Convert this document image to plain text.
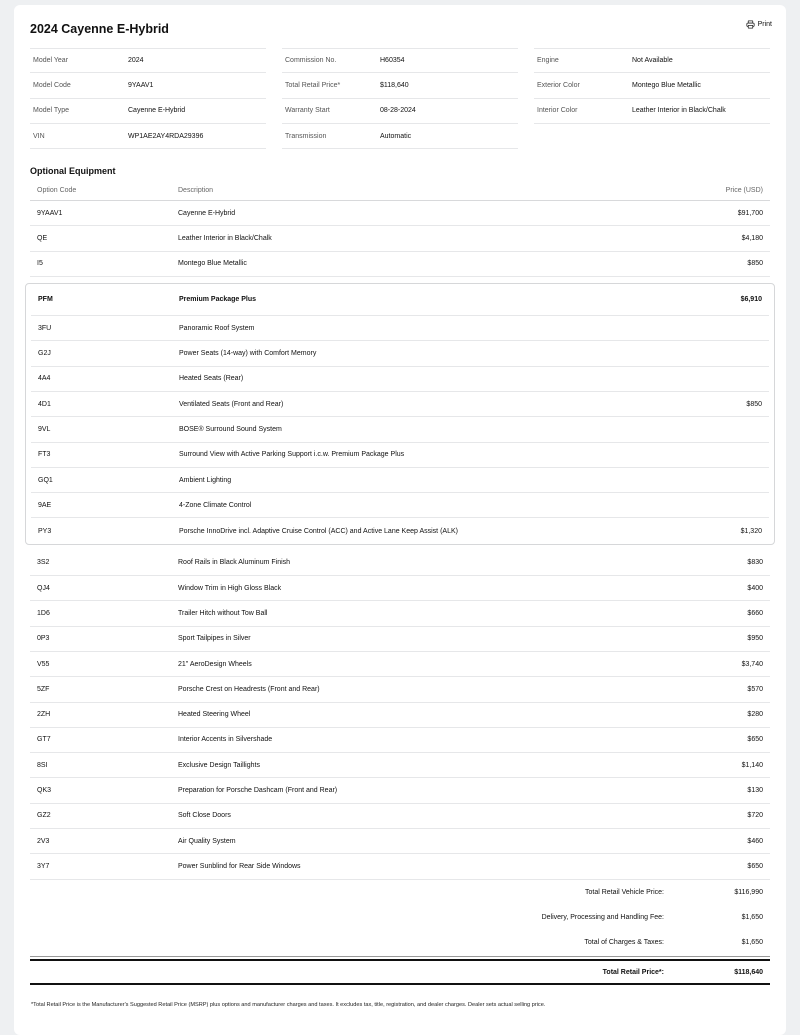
2024 Cayenne E-Hybrid	Print
Model Year	2024
Model Code	9YAAV1
Model Type	Cayenne E-Hybrid
VIN	WP1AE2AY4RDA29396
Commission No.	H60354
Total Retail Price*	$118,640
Warranty Start	08-28-2024
Transmission	Automatic
Engine	Not Available
Exterior Color	Montego Blue Metallic
Interior Color	Leather Interior in Black/Chalk
Optional Equipment
Option Code	Description	Price (USD)
9YAAV1	Cayenne E-Hybrid	$91,700
QE	Leather Interior in Black/Chalk	$4,180
I5	Montego Blue Metallic	$850
PFM	Premium Package Plus	$6,910
3FU	Panoramic Roof System
G2J	Power Seats (14-way) with Comfort Memory
4A4	Heated Seats (Rear)
4D1	Ventilated Seats (Front and Rear)	$850
9VL	BOSE® Surround Sound System
FT3	Surround View with Active Parking Support i.c.w. Premium Package Plus
GQ1	Ambient Lighting
9AE	4-Zone Climate Control
PY3	Porsche InnoDrive incl. Adaptive Cruise Control (ACC) and Active Lane Keep Assist (ALK)	$1,320
3S2	Roof Rails in Black Aluminum Finish	$830
QJ4	Window Trim in High Gloss Black	$400
1D6	Trailer Hitch without Tow Ball	$660
0P3	Sport Tailpipes in Silver	$950
V55	21" AeroDesign Wheels	$3,740
5ZF	Porsche Crest on Headrests (Front and Rear)	$570
2ZH	Heated Steering Wheel	$280
GT7	Interior Accents in Silvershade	$650
8SI	Exclusive Design Taillights	$1,140
QK3	Preparation for Porsche Dashcam (Front and Rear)	$130
GZ2	Soft Close Doors	$720
2V3	Air Quality System	$460
3Y7	Power Sunblind for Rear Side Windows	$650
Total Retail Vehicle Price:	$116,990
Delivery, Processing and Handling Fee:	$1,650
Total of Charges & Taxes:	$1,650
Total Retail Price*:	$118,640
*Total Retail Price is the Manufacturer's Suggested Retail Price (MSRP) plus options and manufacturer charges and taxes. It excludes tax, title, registration, and dealer charges. Dealer sets actual selling price.
